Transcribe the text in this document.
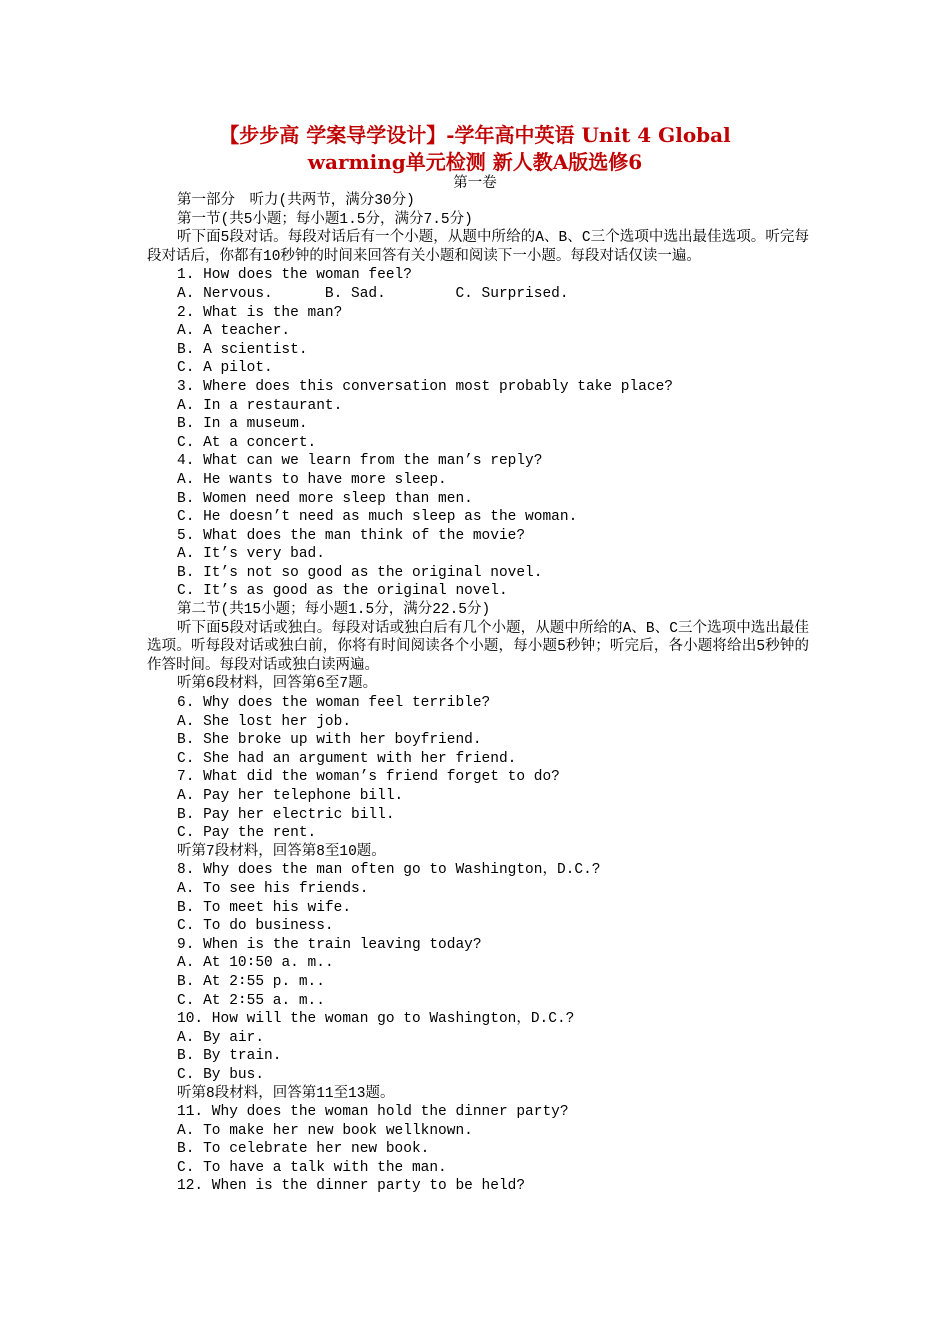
【步步高 学案导学设计】-学年高中英语 Unit 4 Global
warming单元检测 新人教A版选修6
第一卷
第一部分　听力(共两节，满分30分)
第一节(共5小题；每小题1.5分，满分7.5分)
听下面5段对话。每段对话后有一个小题，从题中所给的A、B、C三个选项中选出最佳选项。听完每段对话后，你都有10秒钟的时间来回答有关小题和阅读下一小题。每段对话仅读一遍。
1. How does the woman feel?
A. Nervous.      B. Sad.        C. Surprised.
2. What is the man?
A. A teacher.
B. A scientist.
C. A pilot.
3. Where does this conversation most probably take place?
A. In a restaurant.
B. In a museum.
C. At a concert.
4. What can we learn from the man’s reply?
A. He wants to have more sleep.
B. Women need more sleep than men.
C. He doesn’t need as much sleep as the woman.
5. What does the man think of the movie?
A. It’s very bad.
B. It’s not so good as the original novel.
C. It’s as good as the original novel.
第二节(共15小题；每小题1.5分，满分22.5分)
听下面5段对话或独白。每段对话或独白后有几个小题，从题中所给的A、B、C三个选项中选出最佳选项。听每段对话或独白前，你将有时间阅读各个小题，每小题5秒钟；听完后，各小题将给出5秒钟的作答时间。每段对话或独白读两遍。
听第6段材料，回答第6至7题。
6. Why does the woman feel terrible?
A. She lost her job.
B. She broke up with her boyfriend.
C. She had an argument with her friend.
7. What did the woman’s friend forget to do?
A. Pay her telephone bill.
B. Pay her electric bill.
C. Pay the rent.
听第7段材料，回答第8至10题。
8. Why does the man often go to Washington，D.C.?
A. To see his friends.
B. To meet his wife.
C. To do business.
9. When is the train leaving today?
A. At 10∶50 a. m..
B. At 2∶55 p. m..
C. At 2∶55 a. m..
10. How will the woman go to Washington，D.C.?
A. By air.
B. By train.
C. By bus.
听第8段材料，回答第11至13题。
11. Why does the woman hold the dinner party?
A. To make her new book wellknown.
B. To celebrate her new book.
C. To have a talk with the man.
12. When is the dinner party to be held?
